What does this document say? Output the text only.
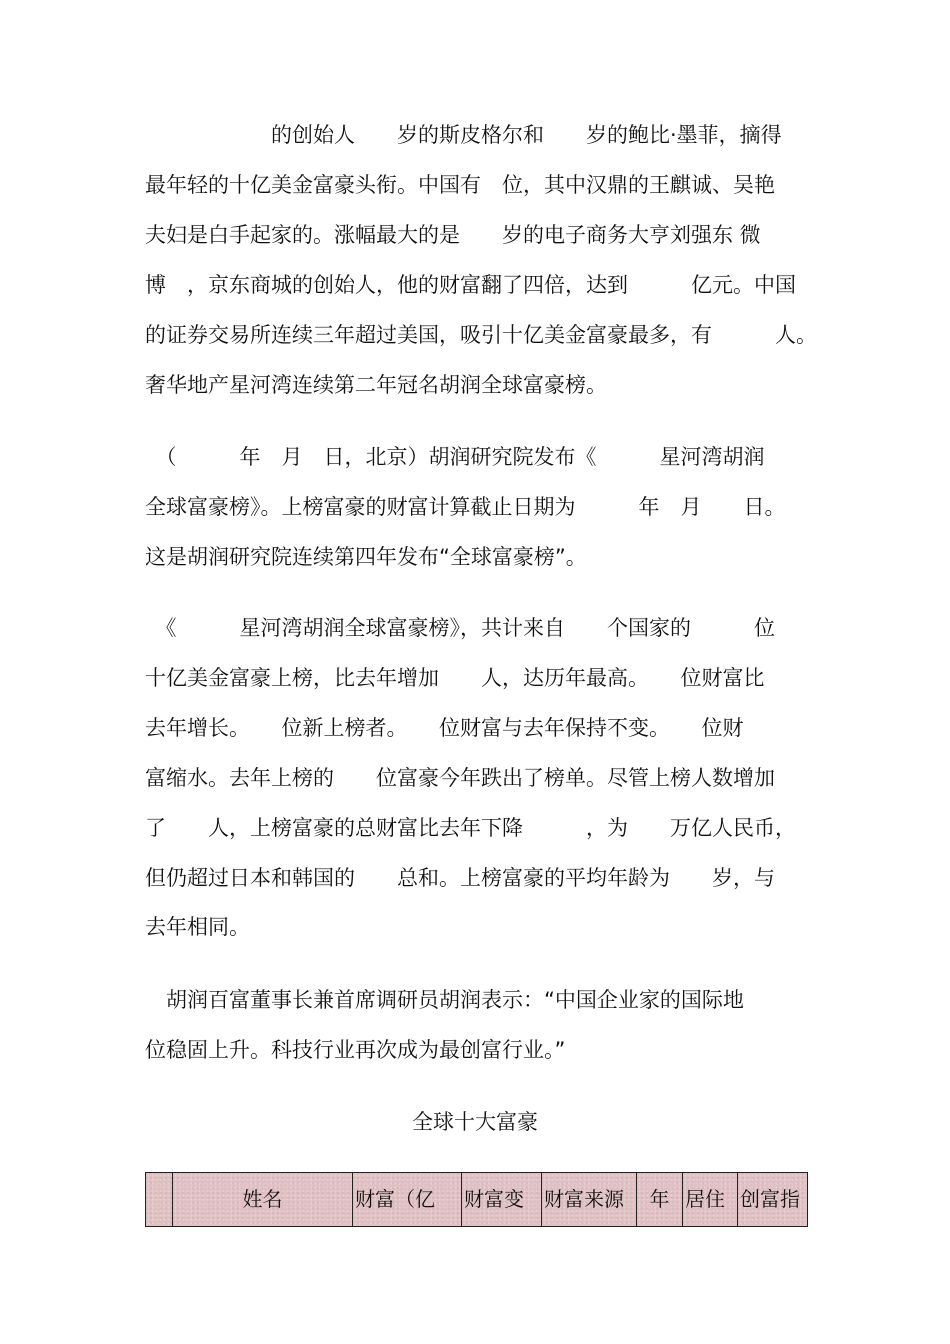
　　　　　　的创始人　　岁的斯皮格尔和　　岁的鲍比·墨菲，摘得
最年轻的十亿美金富豪头衔。中国有　位，其中汉鼎的王麒诚、吴艳
夫妇是白手起家的。涨幅最大的是　　岁的电子商务大亨刘强东 微
博　，京东商城的创始人，他的财富翻了四倍，达到　　　亿元。中国
的证券交易所连续三年超过美国，吸引十亿美金富豪最多，有　　　人。
奢华地产星河湾连续第二年冠名胡润全球富豪榜。
　（　　　年　月　日，北京）胡润研究院发布《　　　星河湾胡润
全球富豪榜》。上榜富豪的财富计算截止日期为　　　年　月　　日。
这是胡润研究院连续第四年发布“全球富豪榜”。
　《　　　星河湾胡润全球富豪榜》，共计来自　　个国家的　　　位
十亿美金富豪上榜，比去年增加　　人，达历年最高。　　位财富比
去年增长。　　位新上榜者。　　位财富与去年保持不变。　　位财
富缩水。去年上榜的　　位富豪今年跌出了榜单。尽管上榜人数增加
了　　人，上榜富豪的总财富比去年下降　　　，为　　万亿人民币，
但仍超过日本和韩国的　　总和。上榜富豪的平均年龄为　　岁，与
去年相同。
　胡润百富董事长兼首席调研员胡润表示：“中国企业家的国际地
位稳固上升。科技行业再次成为最创富行业。”
全球十大富豪
	姓名	财富（亿	财富变	财富来源	年	居住	创富指
